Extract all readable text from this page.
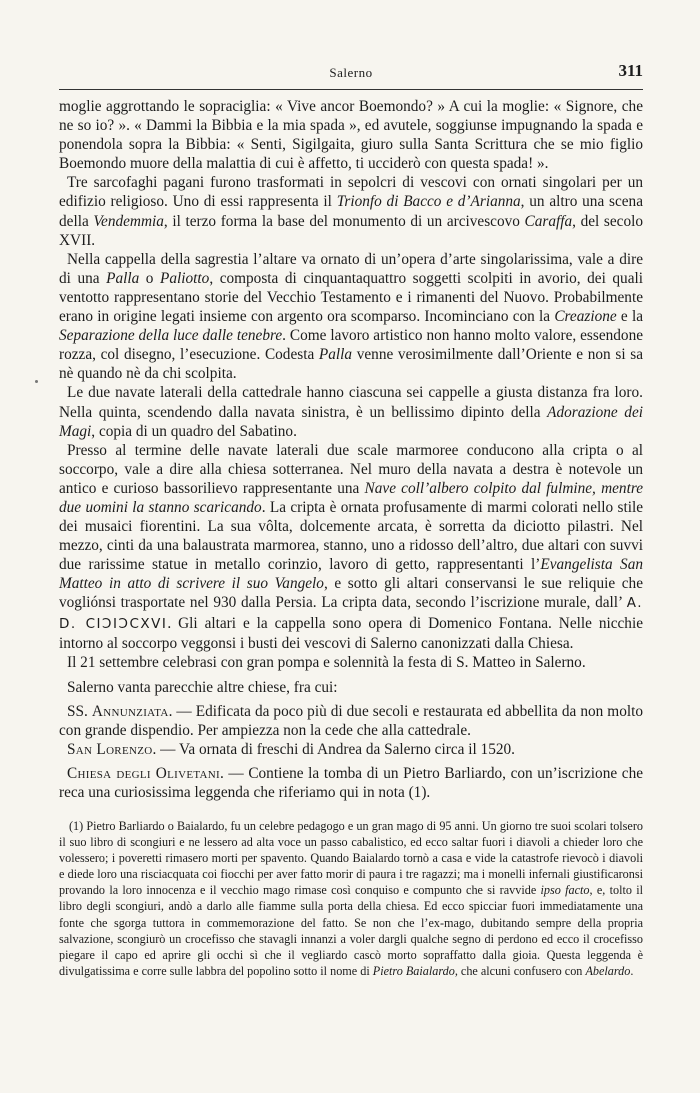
Salerno	311

moglie aggrottando le sopraciglia: « Vive ancor Boemondo? » A cui la moglie: « Signore, che ne so io? ». « Dammi la Bibbia e la mia spada », ed avutele, soggiunse impugnando la spada e ponendola sopra la Bibbia: « Senti, Sigilgaita, giuro sulla Santa Scrittura che se mio figlio Boemondo muore della malattia di cui è affetto, ti ucciderò con questa spada! ».

Tre sarcofaghi pagani furono trasformati in sepolcri di vescovi con ornati singolari per un edifizio religioso. Uno di essi rappresenta il Trionfo di Bacco e d’Arianna, un altro una scena della Vendemmia, il terzo forma la base del monumento di un arcivescovo Caraffa, del secolo XVII.

Nella cappella della sagrestia l’altare va ornato di un’opera d’arte singolarissima, vale a dire di una Palla o Paliotto, composta di cinquantaquattro soggetti scolpiti in avorio, dei quali ventotto rappresentano storie del Vecchio Testamento e i rimanenti del Nuovo. Probabilmente erano in origine legati insieme con argento ora scomparso. Incominciano con la Creazione e la Separazione della luce dalle tenebre. Come lavoro artistico non hanno molto valore, essendone rozza, col disegno, l’esecuzione. Codesta Palla venne verosimilmente dall’Oriente e non si sa nè quando nè da chi scolpita.

Le due navate laterali della cattedrale hanno ciascuna sei cappelle a giusta distanza fra loro. Nella quinta, scendendo dalla navata sinistra, è un bellissimo dipinto della Adorazione dei Magi, copia di un quadro del Sabatino.

Presso al termine delle navate laterali due scale marmoree conducono alla cripta o al soccorpo, vale a dire alla chiesa sotterranea. Nel muro della navata a destra è notevole un antico e curioso bassorilievo rappresentante una Nave coll’albero colpito dal fulmine, mentre due uomini la stanno scaricando. La cripta è ornata profusamente di marmi colorati nello stile dei musaici fiorentini. La sua vôlta, dolcemente arcata, è sorretta da diciotto pilastri. Nel mezzo, cinti da una balaustrata marmorea, stanno, uno a ridosso dell’altro, due altari con suvvi due rarissime statue in metallo corinzio, lavoro di getto, rappresentanti l’Evangelista San Matteo in atto di scrivere il suo Vangelo, e sotto gli altari conservansi le sue reliquie che vogliónsi trasportate nel 930 dalla Persia. La cripta data, secondo l’iscrizione murale, dall’ A. D. CIƆIƆCXVI. Gli altari e la cappella sono opera di Domenico Fontana. Nelle nicchie intorno al soccorpo veggonsi i busti dei vescovi di Salerno canonizzati dalla Chiesa.

Il 21 settembre celebrasi con gran pompa e solennità la festa di S. Matteo in Salerno.

Salerno vanta parecchie altre chiese, fra cui:

SS. Annunziata. — Edificata da poco più di due secoli e restaurata ed abbellita da non molto con grande dispendio. Per ampiezza non la cede che alla cattedrale.

San Lorenzo. — Va ornata di freschi di Andrea da Salerno circa il 1520.

Chiesa degli Olivetani. — Contiene la tomba di un Pietro Barliardo, con un’iscrizione che reca una curiosissima leggenda che riferiamo qui in nota (1).

(1) Pietro Barliardo o Baialardo, fu un celebre pedagogo e un gran mago di 95 anni. Un giorno tre suoi scolari tolsero il suo libro di scongiuri e ne lessero ad alta voce un passo cabalistico, ed ecco saltar fuori i diavoli a chieder loro che volessero; i poveretti rimasero morti per spavento. Quando Baialardo tornò a casa e vide la catastrofe rievocò i diavoli e diede loro una risciacquata coi fiocchi per aver fatto morir di paura i tre ragazzi; ma i monelli infernali giustificaronsi provando la loro innocenza e il vecchio mago rimase così conquiso e compunto che si ravvide ipso facto, e, tolto il libro degli scongiuri, andò a darlo alle fiamme sulla porta della chiesa. Ed ecco spicciar fuori immediatamente una fonte che sgorga tuttora in commemorazione del fatto. Se non che l’ex-mago, dubitando sempre della propria salvazione, scongiurò un crocefisso che stavagli innanzi a voler dargli qualche segno di perdono ed ecco il crocefisso piegare il capo ed aprire gli occhi sì che il vegliardo cascò morto sopraffatto dalla gioia. Questa leggenda è divulgatissima e corre sulle labbra del popolino sotto il nome di Pietro Baialardo, che alcuni confusero con Abelardo.
